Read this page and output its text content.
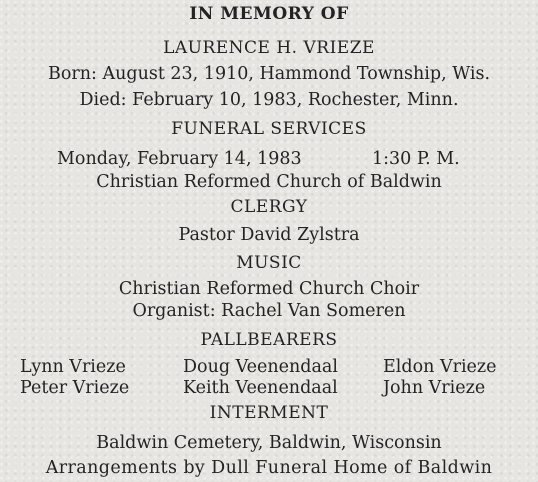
IN MEMORY OF
LAURENCE H. VRIEZE
Born: August 23, 1910, Hammond Township, Wis.
Died: February 10, 1983, Rochester, Minn.
FUNERAL SERVICES
Monday, February 14, 1983	1:30 P. M.
Christian Reformed Church of Baldwin
CLERGY
Pastor David Zylstra
MUSIC
Christian Reformed Church Choir
Organist: Rachel Van Someren
PALLBEARERS
Lynn Vrieze	Doug Veenendaal	Eldon Vrieze
Peter Vrieze	Keith Veenendaal	John Vrieze
INTERMENT
Baldwin Cemetery, Baldwin, Wisconsin
Arrangements by Dull Funeral Home of Baldwin
